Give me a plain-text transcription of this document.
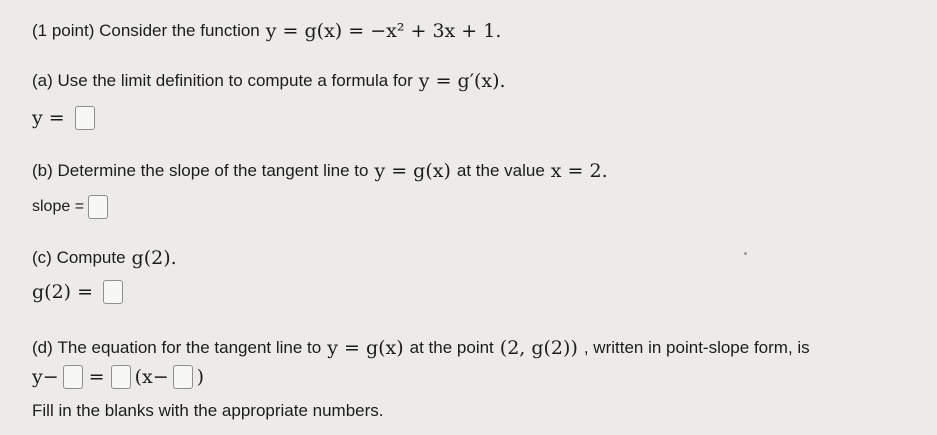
(1 point)
Consider the function y = g(x) = −x² + 3x + 1.
(a)
Use the limit definition to compute a formula for y = g′(x).
y =
(b)
Determine the slope of the tangent line to y = g(x) at the value x = 2.
slope =
(c)
Compute g(2).
g(2) =
(d)
The equation for the tangent line to y = g(x) at the point (2, g(2)) , written in point-slope form, is
y− = (x− )
Fill in the blanks with the appropriate numbers.
